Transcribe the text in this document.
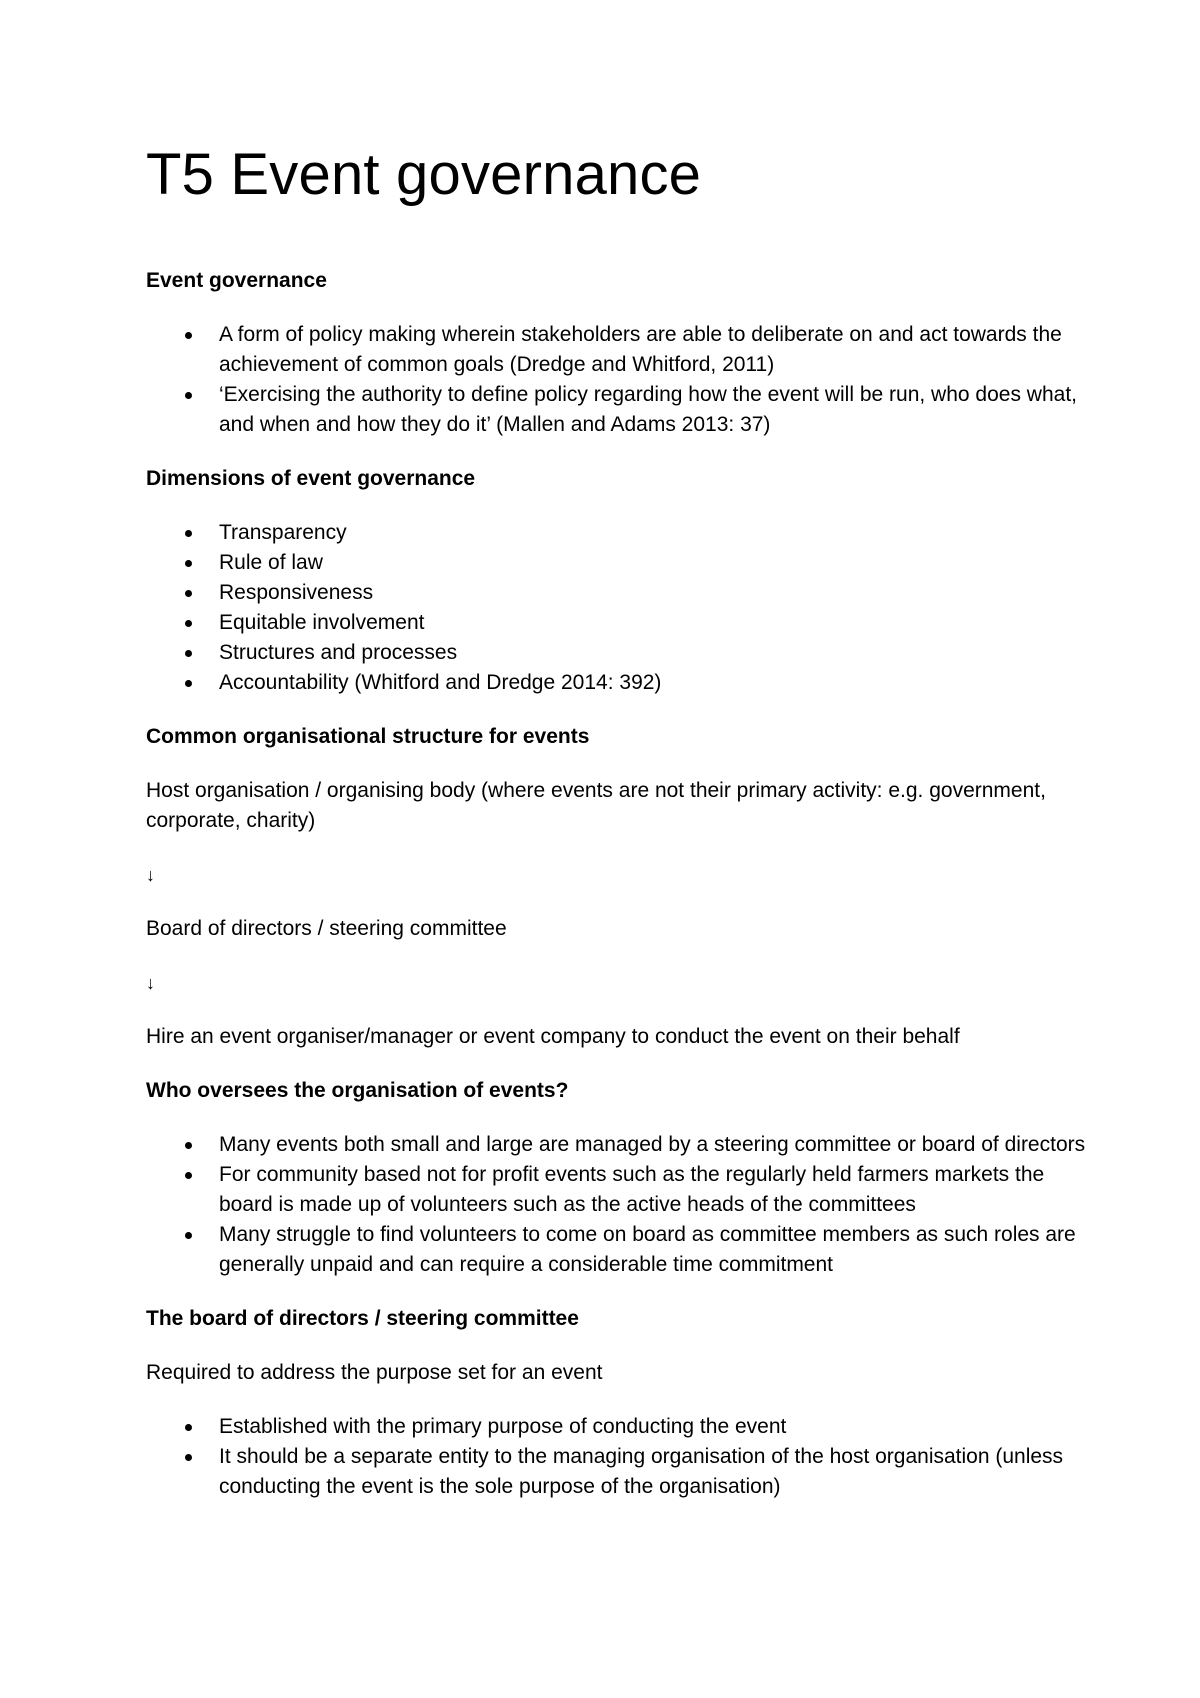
T5 Event governance
Event governance
A form of policy making wherein stakeholders are able to deliberate on and act towards the achievement of common goals (Dredge and Whitford, 2011)
‘Exercising the authority to define policy regarding how the event will be run, who does what, and when and how they do it’ (Mallen and Adams 2013: 37)
Dimensions of event governance
Transparency
Rule of law
Responsiveness
Equitable involvement
Structures and processes
Accountability (Whitford and Dredge 2014: 392)
Common organisational structure for events
Host organisation / organising body (where events are not their primary activity: e.g. government, corporate, charity)
↓
Board of directors / steering committee
↓
Hire an event organiser/manager or event company to conduct the event on their behalf
Who oversees the organisation of events?
Many events both small and large are managed by a steering committee or board of directors
For community based not for profit events such as the regularly held farmers markets the board is made up of volunteers such as the active heads of the committees
Many struggle to find volunteers to come on board as committee members as such roles are generally unpaid and can require a considerable time commitment
The board of directors / steering committee
Required to address the purpose set for an event
Established with the primary purpose of conducting the event
It should be a separate entity to the managing organisation of the host organisation (unless conducting the event is the sole purpose of the organisation)
